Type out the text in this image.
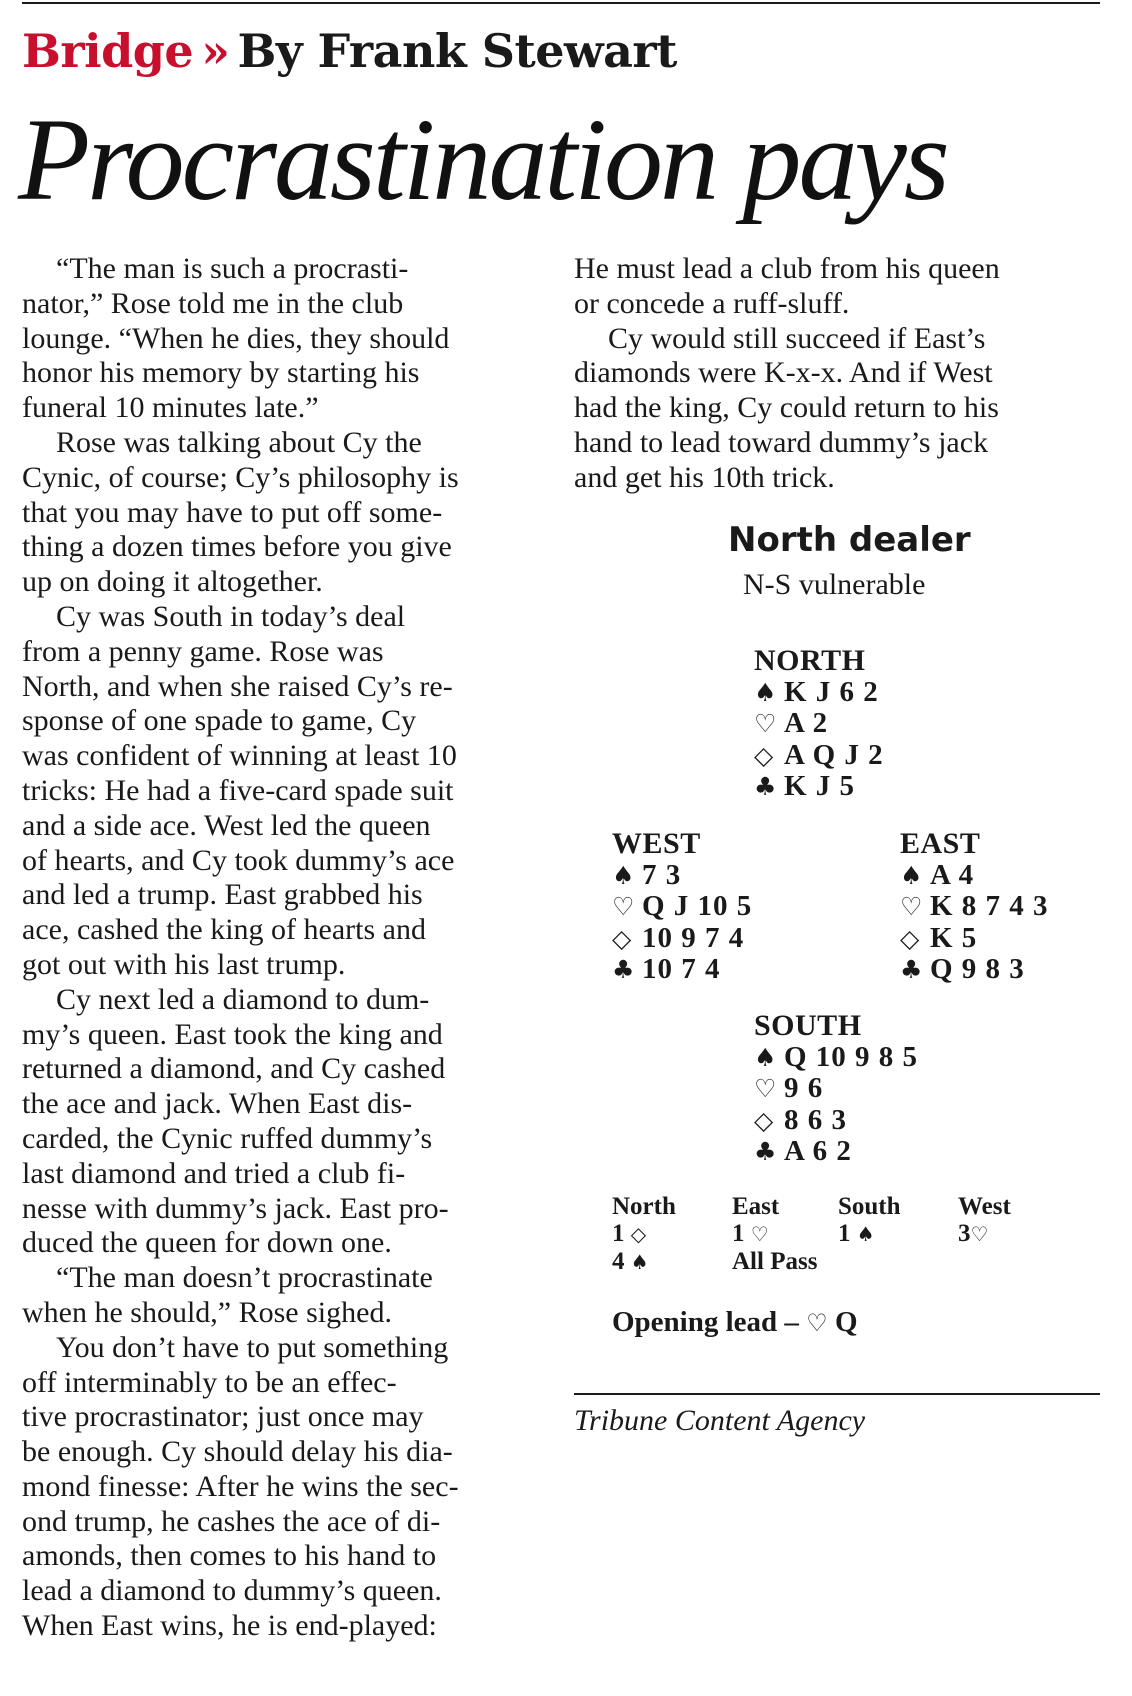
Bridge » By Frank Stewart
Procrastination pays

“The man is such a procrasti-
nator,” Rose told me in the club
lounge. “When he dies, they should
honor his memory by starting his
funeral 10 minutes late.”

Rose was talking about Cy the
Cynic, of course; Cy’s philosophy is
that you may have to put off some-
thing a dozen times before you give
up on doing it altogether.

Cy was South in today’s deal
from a penny game. Rose was
North, and when she raised Cy’s re-
sponse of one spade to game, Cy
was confident of winning at least 10
tricks: He had a five-card spade suit
and a side ace. West led the queen
of hearts, and Cy took dummy’s ace
and led a trump. East grabbed his
ace, cashed the king of hearts and
got out with his last trump.

Cy next led a diamond to dum-
my’s queen. East took the king and
returned a diamond, and Cy cashed
the ace and jack. When East dis-
carded, the Cynic ruffed dummy’s
last diamond and tried a club fi-
nesse with dummy’s jack. East pro-
duced the queen for down one.

“The man doesn’t procrastinate
when he should,” Rose sighed.

You don’t have to put something
off interminably to be an effec-
tive procrastinator; just once may
be enough. Cy should delay his dia-
mond finesse: After he wins the sec-
ond trump, he cashes the ace of di-
amonds, then comes to his hand to
lead a diamond to dummy’s queen.
When East wins, he is end-played:

He must lead a club from his queen
or concede a ruff-sluff.

Cy would still succeed if East’s
diamonds were K-x-x. And if West
had the king, Cy could return to his
hand to lead toward dummy’s jack
and get his 10th trick.

North dealer
N-S vulnerable
NORTH
♠ K J 6 2
♡ A 2
◇ A Q J 2
♣ K J 5
WEST
♠ 7 3
♡ Q J 10 5
◇ 10 9 7 4
♣ 10 7 4
EAST
♠ A 4
♡ K 8 7 4 3
◇ K 5
♣ Q 9 8 3
SOUTH
♠ Q 10 9 8 5
♡ 9 6
◇ 8 6 3
♣ A 6 2
North
1 ◇
4 ♠
East
1 ♡
All Pass
South
1 ♠
West
3♡
Opening lead – ♡ Q
Tribune Content Agency
